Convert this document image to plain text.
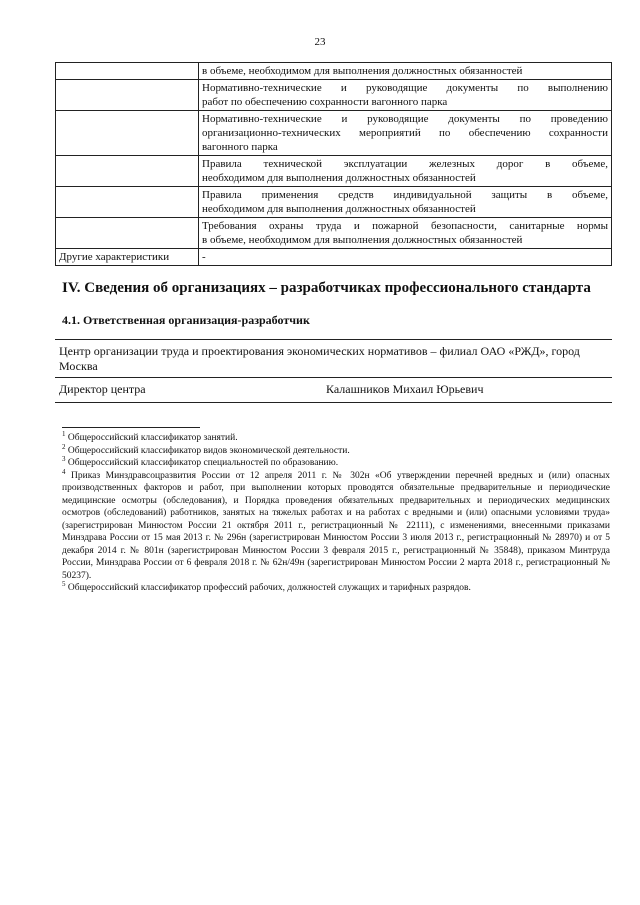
23
	в объеме, необходимом для выполнения должностных обязанностей

	Нормативно-технические и руководящие документы по выполнению
работ по обеспечению сохранности вагонного парка

	Нормативно-технические и руководящие документы по проведению
организационно-технических мероприятий по обеспечению сохранности
вагонного парка

	Правила технической эксплуатации железных дорог в объеме,
необходимом для выполнения должностных обязанностей

	Правила применения средств индивидуальной защиты в объеме,
необходимом для выполнения должностных обязанностей

	Требования охраны труда и пожарной безопасности, санитарные нормы
в объеме, необходимом для выполнения должностных обязанностей
Другие характеристики	-
IV. Сведения об организациях – разработчиках профессионального стандарта
4.1. Ответственная организация-разработчик
Центр организации труда и проектирования экономических нормативов – филиал ОАО «РЖД», город Москва
Директор центра	Калашников Михаил Юрьевич
$^1$ Общероссийский классификатор занятий.
$^2$ Общероссийский классификатор видов экономической деятельности.
$^3$ Общероссийский классификатор специальностей по образованию.
$^4$ Приказ Минздравсоцразвития России от 12 апреля 2011 г. № 302н «Об утверждении перечней вредных и (или) опасных производственных факторов и работ, при выполнении которых проводятся обязательные предварительные и периодические медицинские осмотры (обследования), и Порядка проведения обязательных предварительных и периодических медицинских осмотров (обследований) работников, занятых на тяжелых работах и на работах с вредными и (или) опасными условиями труда» (зарегистрирован Минюстом России 21 октября 2011 г., регистрационный № 22111), с изменениями, внесенными приказами Минздрава России от 15 мая 2013 г. № 296н (зарегистрирован Минюстом России 3 июля 2013 г., регистрационный № 28970) и от 5 декабря 2014 г. № 801н (зарегистрирован Минюстом России 3 февраля 2015 г., регистрационный № 35848), приказом Минтруда России, Минздрава России от 6 февраля 2018 г. № 62н/49н (зарегистрирован Минюстом России 2 марта 2018 г., регистрационный № 50237).
$^5$ Общероссийский классификатор профессий рабочих, должностей служащих и тарифных разрядов.
